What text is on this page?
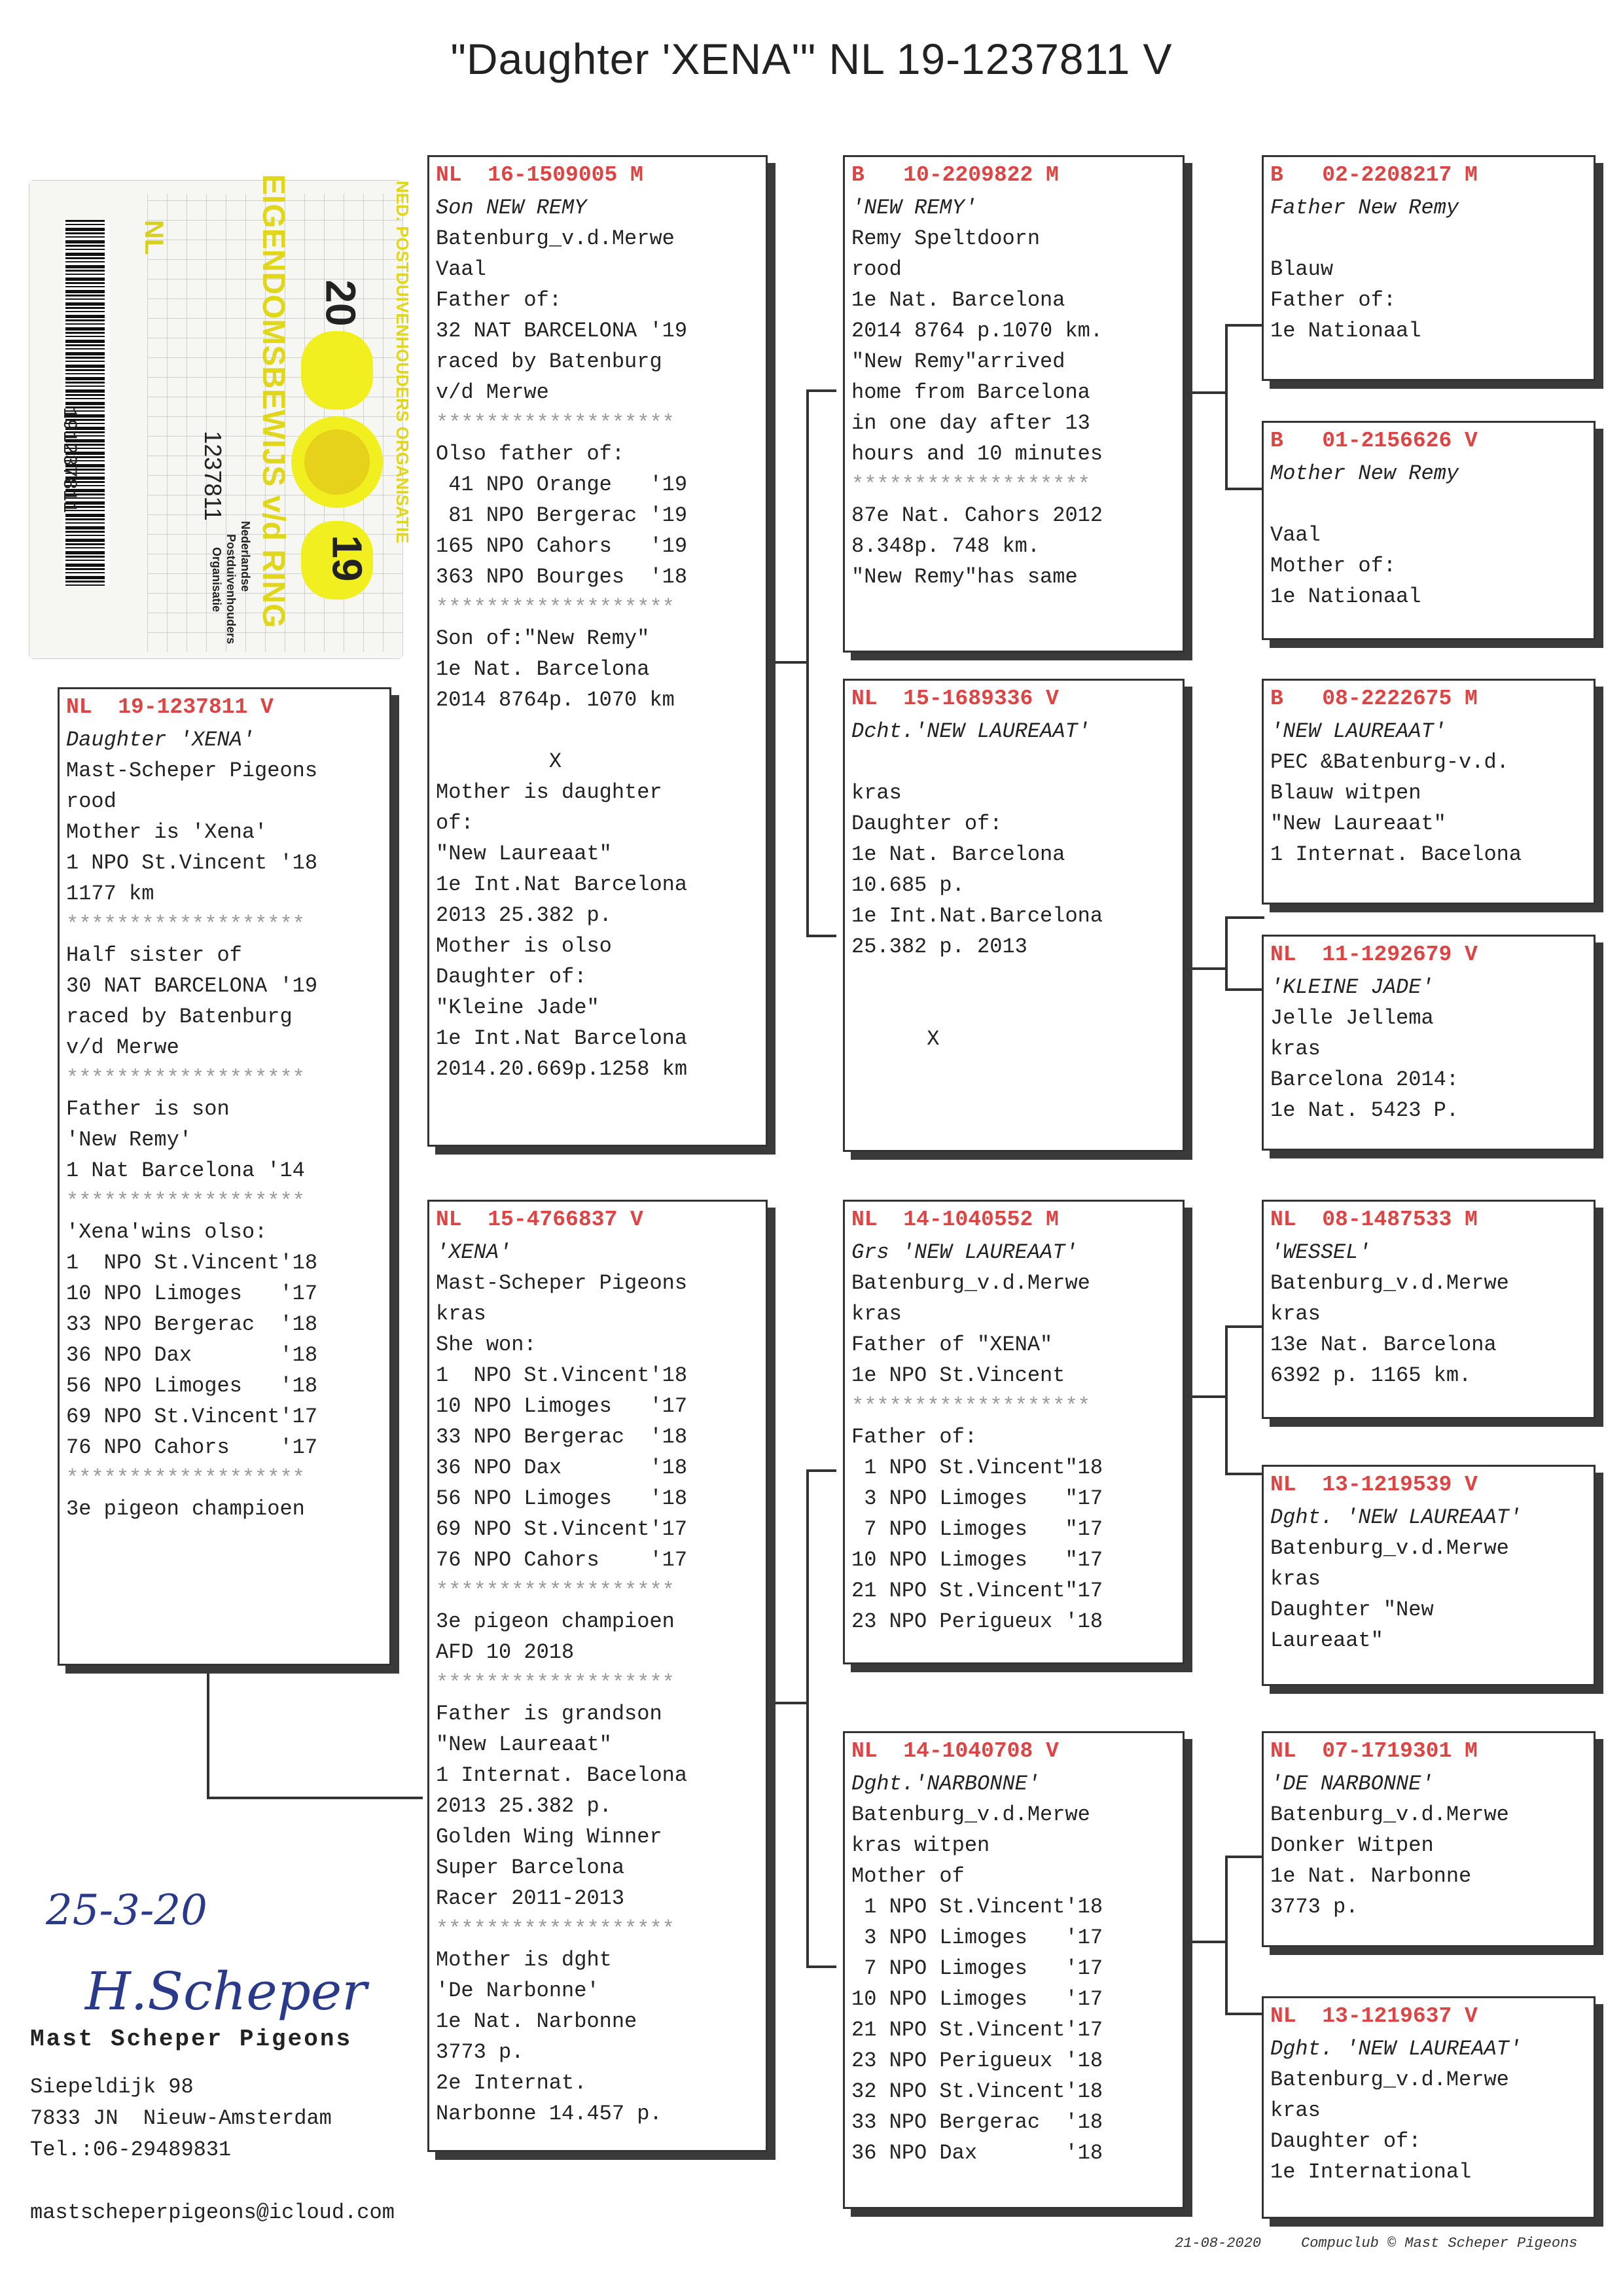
"Daughter 'XENA'" NL 19-1237811 V
191237811
NL
1237811
20
19
EIGENDOMSBEWIJS v/d RING	NED. POSTDUIVENHOUDERS ORGANISATIE
Nederlandse
Postduivenhouders
Organisatie
NL  19-1237811 V
Daughter 'XENA'
Mast-Scheper Pigeons
rood
Mother is 'Xena'
1 NPO St.Vincent '18
1177 km
*******************
Half sister of
30 NAT BARCELONA '19
raced by Batenburg
v/d Merwe
*******************
Father is son
'New Remy'
1 Nat Barcelona '14
*******************
'Xena'wins olso:
1  NPO St.Vincent'18
10 NPO Limoges   '17
33 NPO Bergerac  '18
36 NPO Dax       '18
56 NPO Limoges   '18
69 NPO St.Vincent'17
76 NPO Cahors    '17
*******************
3e pigeon champioen
NL  16-1509005 M
Son NEW REMY
Batenburg_v.d.Merwe
Vaal
Father of:
32 NAT BARCELONA '19
raced by Batenburg
v/d Merwe
*******************
Olso father of:
41 NPO Orange   '19
81 NPO Bergerac '19
165 NPO Cahors   '19
363 NPO Bourges  '18
*******************
Son of:"New Remy"
1e Nat. Barcelona
2014 8764p. 1070 km
X
Mother is daughter
of:
"New Laureaat"
1e Int.Nat Barcelona
2013 25.382 p.
Mother is olso
Daughter of:
"Kleine Jade"
1e Int.Nat Barcelona
2014.20.669p.1258 km
NL  15-4766837 V
'XENA'
Mast-Scheper Pigeons
kras
She won:
1  NPO St.Vincent'18
10 NPO Limoges   '17
33 NPO Bergerac  '18
36 NPO Dax       '18
56 NPO Limoges   '18
69 NPO St.Vincent'17
76 NPO Cahors    '17
*******************
3e pigeon champioen
AFD 10 2018
*******************
Father is grandson
"New Laureaat"
1 Internat. Bacelona
2013 25.382 p.
Golden Wing Winner
Super Barcelona
Racer 2011-2013
*******************
Mother is dght
'De Narbonne'
1e Nat. Narbonne
3773 p.
2e Internat.
Narbonne 14.457 p.
B   10-2209822 M
'NEW REMY'
Remy Speltdoorn
rood
1e Nat. Barcelona
2014 8764 p.1070 km.
"New Remy"arrived
home from Barcelona
in one day after 13
hours and 10 minutes
*******************
87e Nat. Cahors 2012
8.348p. 748 km.
"New Remy"has same
NL  15-1689336 V
Dcht.'NEW LAUREAAT'
kras
Daughter of:
1e Nat. Barcelona
10.685 p.
1e Int.Nat.Barcelona
25.382 p. 2013
X
NL  14-1040552 M
Grs 'NEW LAUREAAT'
Batenburg_v.d.Merwe
kras
Father of "XENA"
1e NPO St.Vincent
*******************
Father of:
1 NPO St.Vincent"18
3 NPO Limoges   "17
7 NPO Limoges   "17
10 NPO Limoges   "17
21 NPO St.Vincent"17
23 NPO Perigueux '18
NL  14-1040708 V
Dght.'NARBONNE'
Batenburg_v.d.Merwe
kras witpen
Mother of
1 NPO St.Vincent'18
3 NPO Limoges   '17
7 NPO Limoges   '17
10 NPO Limoges   '17
21 NPO St.Vincent'17
23 NPO Perigueux '18
32 NPO St.Vincent'18
33 NPO Bergerac  '18
36 NPO Dax       '18
B   02-2208217 M
Father New Remy
Blauw
Father of:
1e Nationaal
B   01-2156626 V
Mother New Remy
Vaal
Mother of:
1e Nationaal
B   08-2222675 M
'NEW LAUREAAT'
PEC &Batenburg-v.d.
Blauw witpen
"New Laureaat"
1 Internat. Bacelona
NL  11-1292679 V
'KLEINE JADE'
Jelle Jellema
kras
Barcelona 2014:
1e Nat. 5423 P.
NL  08-1487533 M
'WESSEL'
Batenburg_v.d.Merwe
kras
13e Nat. Barcelona
6392 p. 1165 km.
NL  13-1219539 V
Dght. 'NEW LAUREAAT'
Batenburg_v.d.Merwe
kras
Daughter "New
Laureaat"
NL  07-1719301 M
'DE NARBONNE'
Batenburg_v.d.Merwe
Donker Witpen
1e Nat. Narbonne
3773 p.
NL  13-1219637 V
Dght. 'NEW LAUREAAT'
Batenburg_v.d.Merwe
kras
Daughter of:
1e International
25-3-20
H.Scheper
Mast Scheper Pigeons
Siepeldijk 98
7833 JN  Nieuw-Amsterdam
Tel.:06-29489831
mastscheperpigeons@icloud.com
21-08-2020	Compuclub © Mast Scheper Pigeons
